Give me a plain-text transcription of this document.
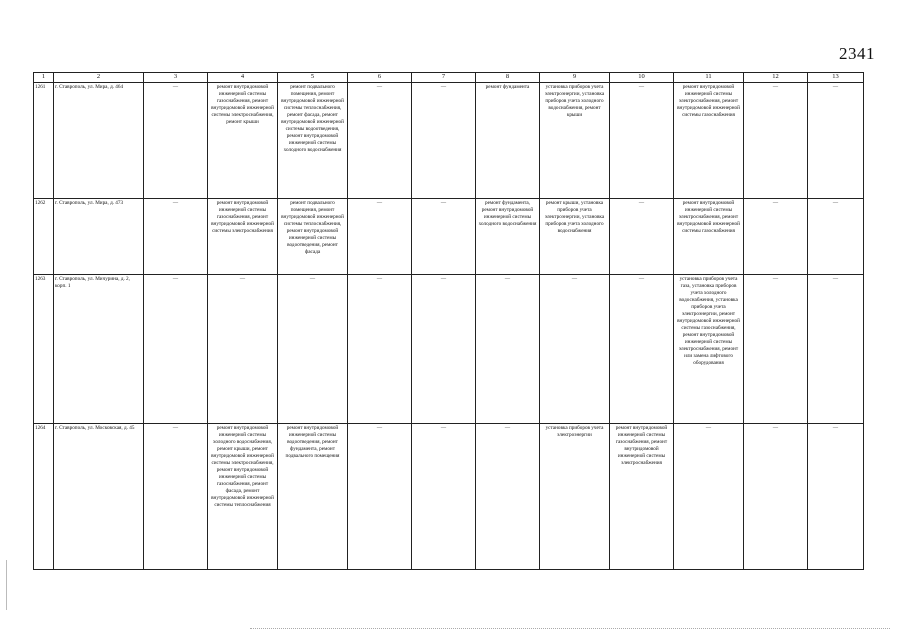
2341
1	2	3	4	5	6	7	8	9	10	11	12	13
1261	г. Ставрополь, ул. Мира, д. 464	—	ремонт внутридомовой инженерной системы газоснабжения, ремонт внутридомовой инженерной системы электроснабжения, ремонт крыши	ремонт подвального помещения, ремонт внутридомовой инженерной системы теплоснабжения, ремонт фасада, ремонт внутридомовой инженерной системы водоотведения, ремонт внутридомовой инженерной системы холодного водоснабжения	—	—	ремонт фундамента	установка приборов учета электроэнергии, установка приборов учета холодного водоснабжения, ремонт крыши	—	ремонт внутридомовой инженерной системы электроснабжения, ремонт внутридомовой инженерной системы газоснабжения	—	—
1262	г. Ставрополь, ул. Мира, д. 473	—	ремонт внутридомовой инженерной системы газоснабжения, ремонт внутридомовой инженерной системы электроснабжения	ремонт подвального помещения, ремонт внутридомовой инженерной системы теплоснабжения, ремонт внутридомовой инженерной системы водоотведения, ремонт фасада	—	—	ремонт фундамента, ремонт внутридомовой инженерной системы холодного водоснабжения	ремонт крыши, установка приборов учета электроэнергии, установка приборов учета холодного водоснабжения	—	ремонт внутридомовой инженерной системы электроснабжения, ремонт внутридомовой инженерной системы газоснабжения	—	—
1263	г. Ставрополь, ул. Мичурина, д. 2, корп. 1	—	—	—	—	—	—	—	—	установка приборов учета газа, установка приборов учета холодного водоснабжения, установка приборов учета электроэнергии, ремонт внутридомовой инженерной системы газоснабжения, ремонт внутридомовой инженерной системы электроснабжения, ремонт или замена лифтового оборудования	—	—
1264	г. Ставрополь, ул. Московская, д. 45	—	ремонт внутридомовой инженерной системы холодного водоснабжения, ремонт крыши, ремонт внутридомовой инженерной системы электроснабжения, ремонт внутридомовой инженерной системы газоснабжения, ремонт фасада, ремонт внутридомовой инженерной системы теплоснабжения	ремонт внутридомовой инженерной системы водоотведения, ремонт фундамента, ремонт подвального помещения	—	—	—	установка приборов учета электроэнергии	ремонт внутридомовой инженерной системы газоснабжения, ремонт внутридомовой инженерной системы электроснабжения	—	—	—
